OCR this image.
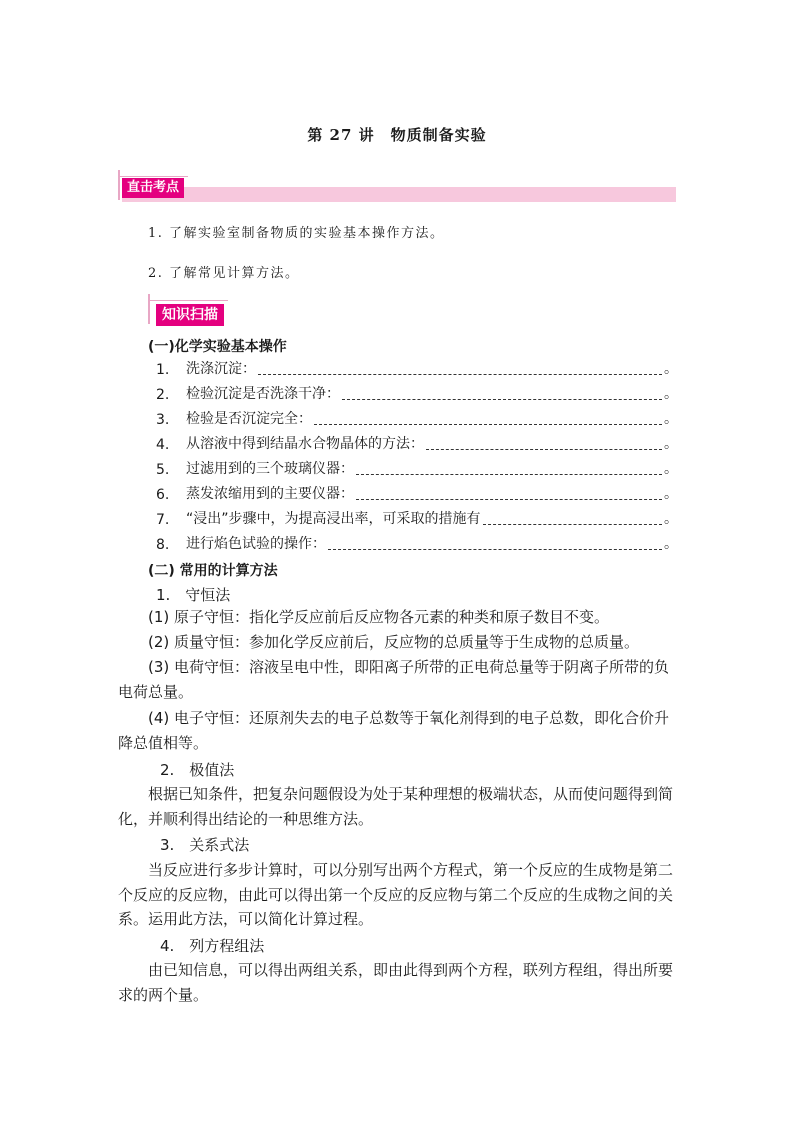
第 27 讲　物质制备实验
直击考点
1. 了解实验室制备物质的实验基本操作方法。
2. 了解常见计算方法。
知识扫描
(一)化学实验基本操作
1.	洗涤沉淀：	。
2.	检验沉淀是否洗涤干净：	。
3.	检验是否沉淀完全：	。
4.	从溶液中得到结晶水合物晶体的方法：	。
5.	过滤用到的三个玻璃仪器：	。
6.	蒸发浓缩用到的主要仪器：	。
7.	“浸出”步骤中，为提高浸出率，可采取的措施有	。
8.	进行焰色试验的操作：	。
(二) 常用的计算方法
1.　守恒法
(1) 原子守恒：指化学反应前后反应物各元素的种类和原子数目不变。
(2) 质量守恒：参加化学反应前后，反应物的总质量等于生成物的总质量。
(3) 电荷守恒：溶液呈电中性，即阳离子所带的正电荷总量等于阴离子所带的负电荷总量。
(4) 电子守恒：还原剂失去的电子总数等于氧化剂得到的电子总数，即化合价升降总值相等。
2.　极值法
根据已知条件，把复杂问题假设为处于某种理想的极端状态，从而使问题得到简化，并顺利得出结论的一种思维方法。
3.　关系式法
当反应进行多步计算时，可以分别写出两个方程式，第一个反应的生成物是第二个反应的反应物，由此可以得出第一个反应的反应物与第二个反应的生成物之间的关系。运用此方法，可以简化计算过程。
4.　列方程组法
由已知信息，可以得出两组关系，即由此得到两个方程，联列方程组，得出所要求的两个量。
